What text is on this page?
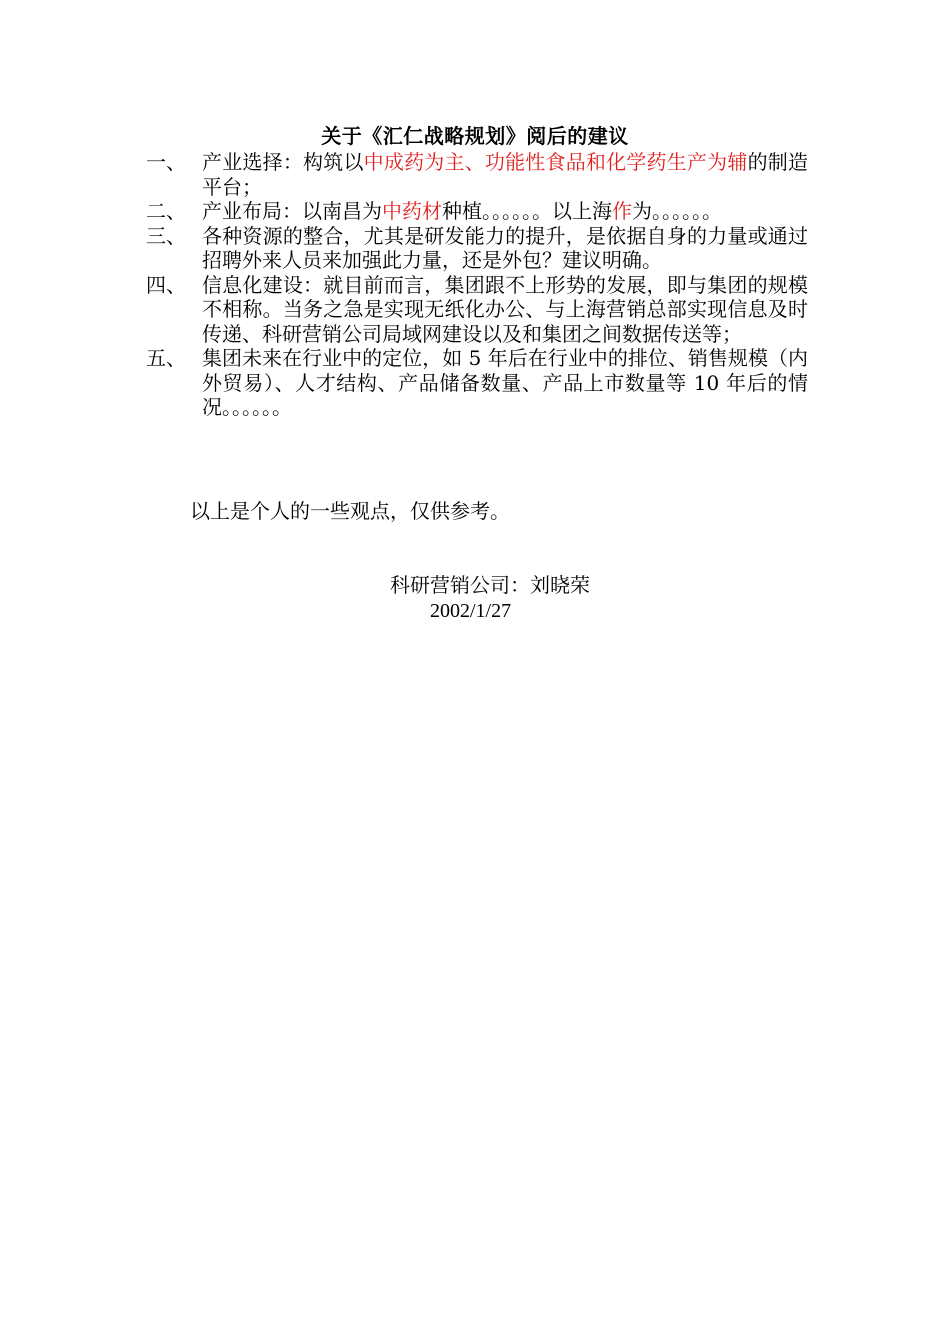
关于《汇仁战略规划》阅后的建议
一、 产业选择：构筑以中成药为主、功能性食品和化学药生产为辅的制造平台；
二、 产业布局：以南昌为中药材种植。。。。。。以上海作为。。。。。。
三、 各种资源的整合，尤其是研发能力的提升，是依据自身的力量或通过招聘外来人员来加强此力量，还是外包？建议明确。
四、 信息化建设：就目前而言，集团跟不上形势的发展，即与集团的规模不相称。当务之急是实现无纸化办公、与上海营销总部实现信息及时传递、科研营销公司局域网建设以及和集团之间数据传送等；
五、 集团未来在行业中的定位，如 5 年后在行业中的排位、销售规模（内外贸易）、人才结构、产品储备数量、产品上市数量等 10 年后的情况。。。。。。
以上是个人的一些观点，仅供参考。
科研营销公司：刘晓荣
2002/1/27
